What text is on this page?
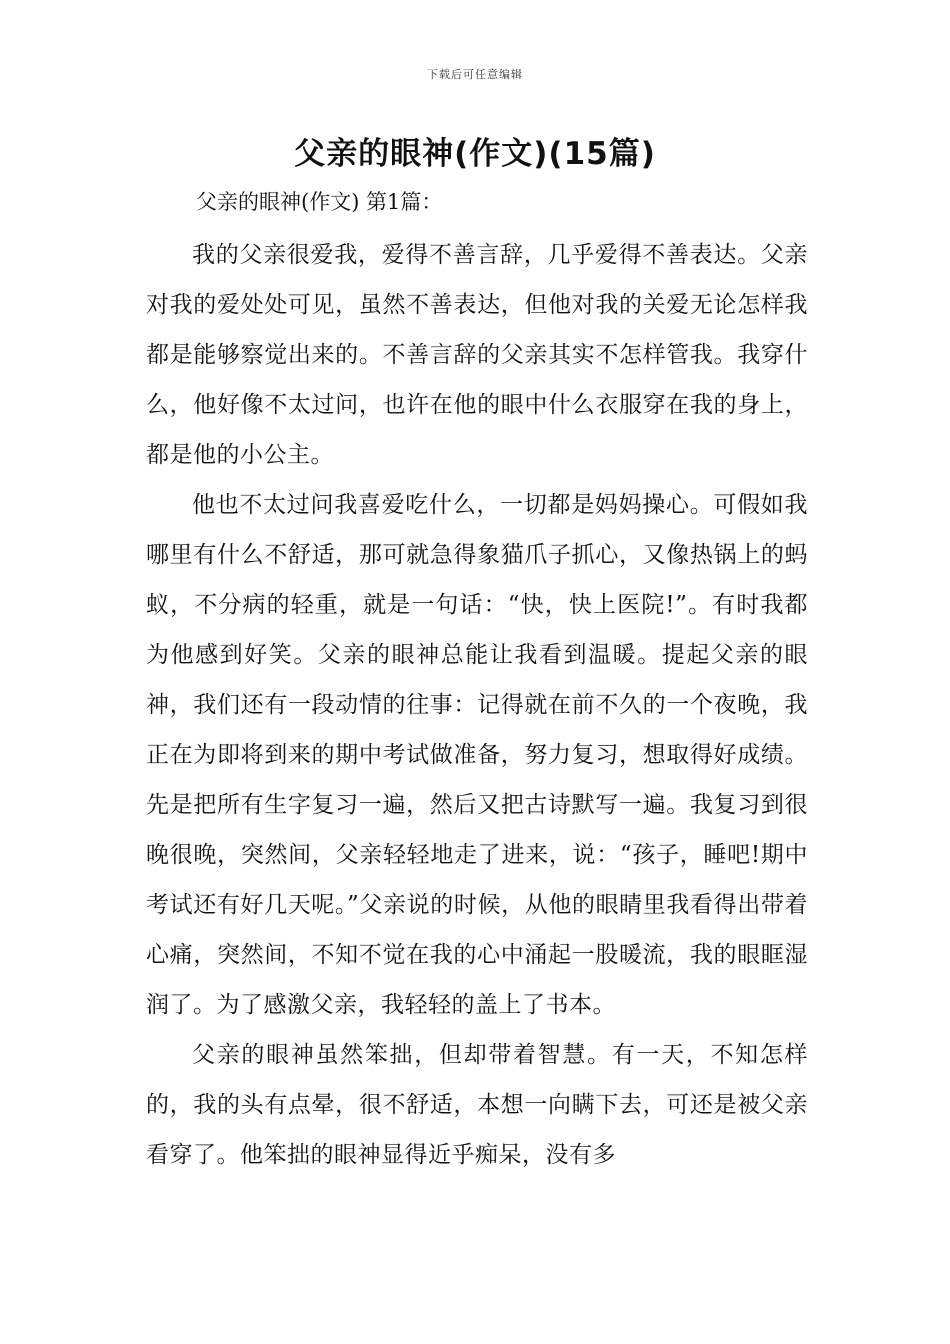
下载后可任意编辑
父亲的眼神(作文)(15篇)
父亲的眼神(作文) 第1篇：

我的父亲很爱我，爱得不善言辞，几乎爱得不善表达。父亲对我的爱处处可见，虽然不善表达，但他对我的关爱无论怎样我都是能够察觉出来的。不善言辞的父亲其实不怎样管我。我穿什么，他好像不太过问，也许在他的眼中什么衣服穿在我的身上，都是他的小公主。

他也不太过问我喜爱吃什么，一切都是妈妈操心。可假如我哪里有什么不舒适，那可就急得象猫爪子抓心，又像热锅上的蚂蚁，不分病的轻重，就是一句话：“快，快上医院!”。有时我都为他感到好笑。父亲的眼神总能让我看到温暖。提起父亲的眼神，我们还有一段动情的往事：记得就在前不久的一个夜晚，我正在为即将到来的期中考试做准备，努力复习，想取得好成绩。先是把所有生字复习一遍，然后又把古诗默写一遍。我复习到很晚很晚，突然间，父亲轻轻地走了进来，说：“孩子，睡吧!期中考试还有好几天呢。”父亲说的时候，从他的眼睛里我看得出带着心痛，突然间，不知不觉在我的心中涌起一股暖流，我的眼眶湿润了。为了感激父亲，我轻轻的盖上了书本。

父亲的眼神虽然笨拙，但却带着智慧。有一天，不知怎样的，我的头有点晕，很不舒适，本想一向瞒下去，可还是被父亲看穿了。他笨拙的眼神显得近乎痴呆，没有多
